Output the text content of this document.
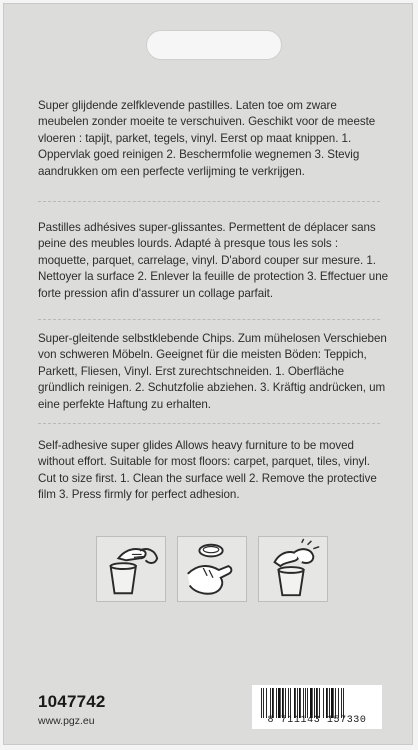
Super glijdende zelfklevende pastilles. Laten toe om zware meubelen zonder moeite te verschuiven. Geschikt voor de meeste vloeren : tapijt, parket, tegels, vinyl. Eerst op maat knippen. 1. Oppervlak goed reinigen 2. Beschermfolie wegnemen 3. Stevig aandrukken om een perfecte verlijming te verkrijgen.
Pastilles adhésives super-glissantes. Permettent de déplacer sans peine des meubles lourds. Adapté à presque tous les sols : moquette, parquet, carrelage, vinyl. D'abord couper sur mesure. 1. Nettoyer la surface 2. Enlever la feuille de protection 3. Effectuer une forte pression afin d'assurer un collage parfait.
Super-gleitende selbstklebende Chips. Zum mühelosen Verschieben von schweren Möbeln. Geeignet für die meisten Böden: Teppich, Parkett, Fliesen, Vinyl. Erst zurechtschneiden. 1. Oberfläche gründlich reinigen. 2. Schutzfolie abziehen. 3. Kräftig andrücken, um eine perfekte Haftung zu erhalten.
Self-adhesive super glides Allows heavy furniture to be moved without effort. Suitable for most floors: carpet, parquet, tiles, vinyl. Cut to size first. 1. Clean the surface well 2. Remove the protective film 3. Press firmly for perfect adhesion.
1047742
www.pgz.eu	8 711143 157330
